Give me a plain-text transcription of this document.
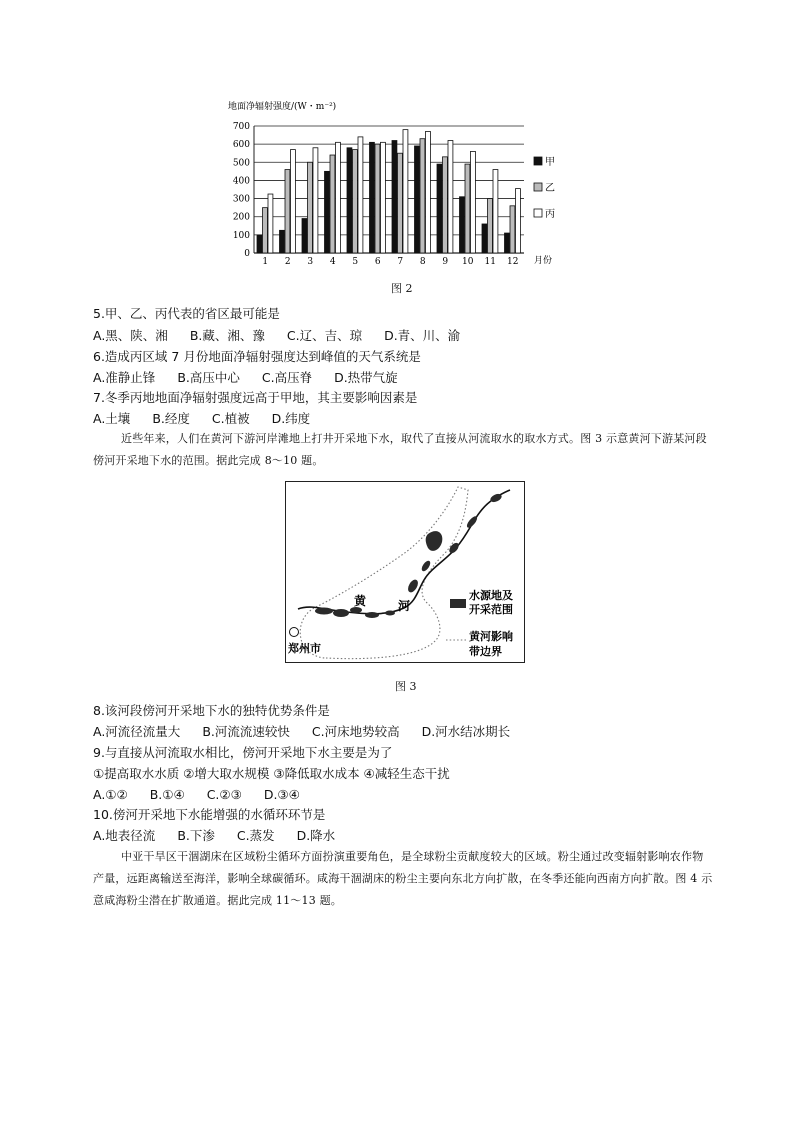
地面净辐射强度/(W・m⁻²)
0
100
200
300
400
500
600
700
1 2 3 4 5 6 7 8 9 10 11 12 月份
甲
乙
丙
图 2
5.甲、乙、丙代表的省区最可能是
A.黑、陕、湘 B.藏、湘、豫 C.辽、吉、琼 D.青、川、渝
6.造成丙区域 7 月份地面净辐射强度达到峰值的天气系统是
A.准静止锋 B.高压中心 C.高压脊 D.热带气旋
7.冬季丙地地面净辐射强度远高于甲地，其主要影响因素是
A.土壤 B.经度 C.植被 D.纬度
近些年来，人们在黄河下游河岸滩地上打井开采地下水，取代了直接从河流取水的取水方式。图 3 示意黄河下游某河段傍河开采地下水的范围。据此完成 8～10 题。
黄	河
郑州市
水源地及
开采范围
黄河影响
带边界
图 3
8.该河段傍河开采地下水的独特优势条件是
A.河流径流量大 B.河流流速较快 C.河床地势较高 D.河水结冰期长
9.与直接从河流取水相比，傍河开采地下水主要是为了
①提高取水水质 ②增大取水规模 ③降低取水成本 ④减轻生态干扰
A.①② B.①④ C.②③ D.③④
10.傍河开采地下水能增强的水循环环节是
A.地表径流 B.下渗 C.蒸发 D.降水
中亚干旱区干涸湖床在区域粉尘循环方面扮演重要角色，是全球粉尘贡献度较大的区域。粉尘通过改变辐射影响农作物产量，远距离输送至海洋，影响全球碳循环。咸海干涸湖床的粉尘主要向东北方向扩散，在冬季还能向西南方向扩散。图 4 示意咸海粉尘潜在扩散通道。据此完成 11～13 题。
